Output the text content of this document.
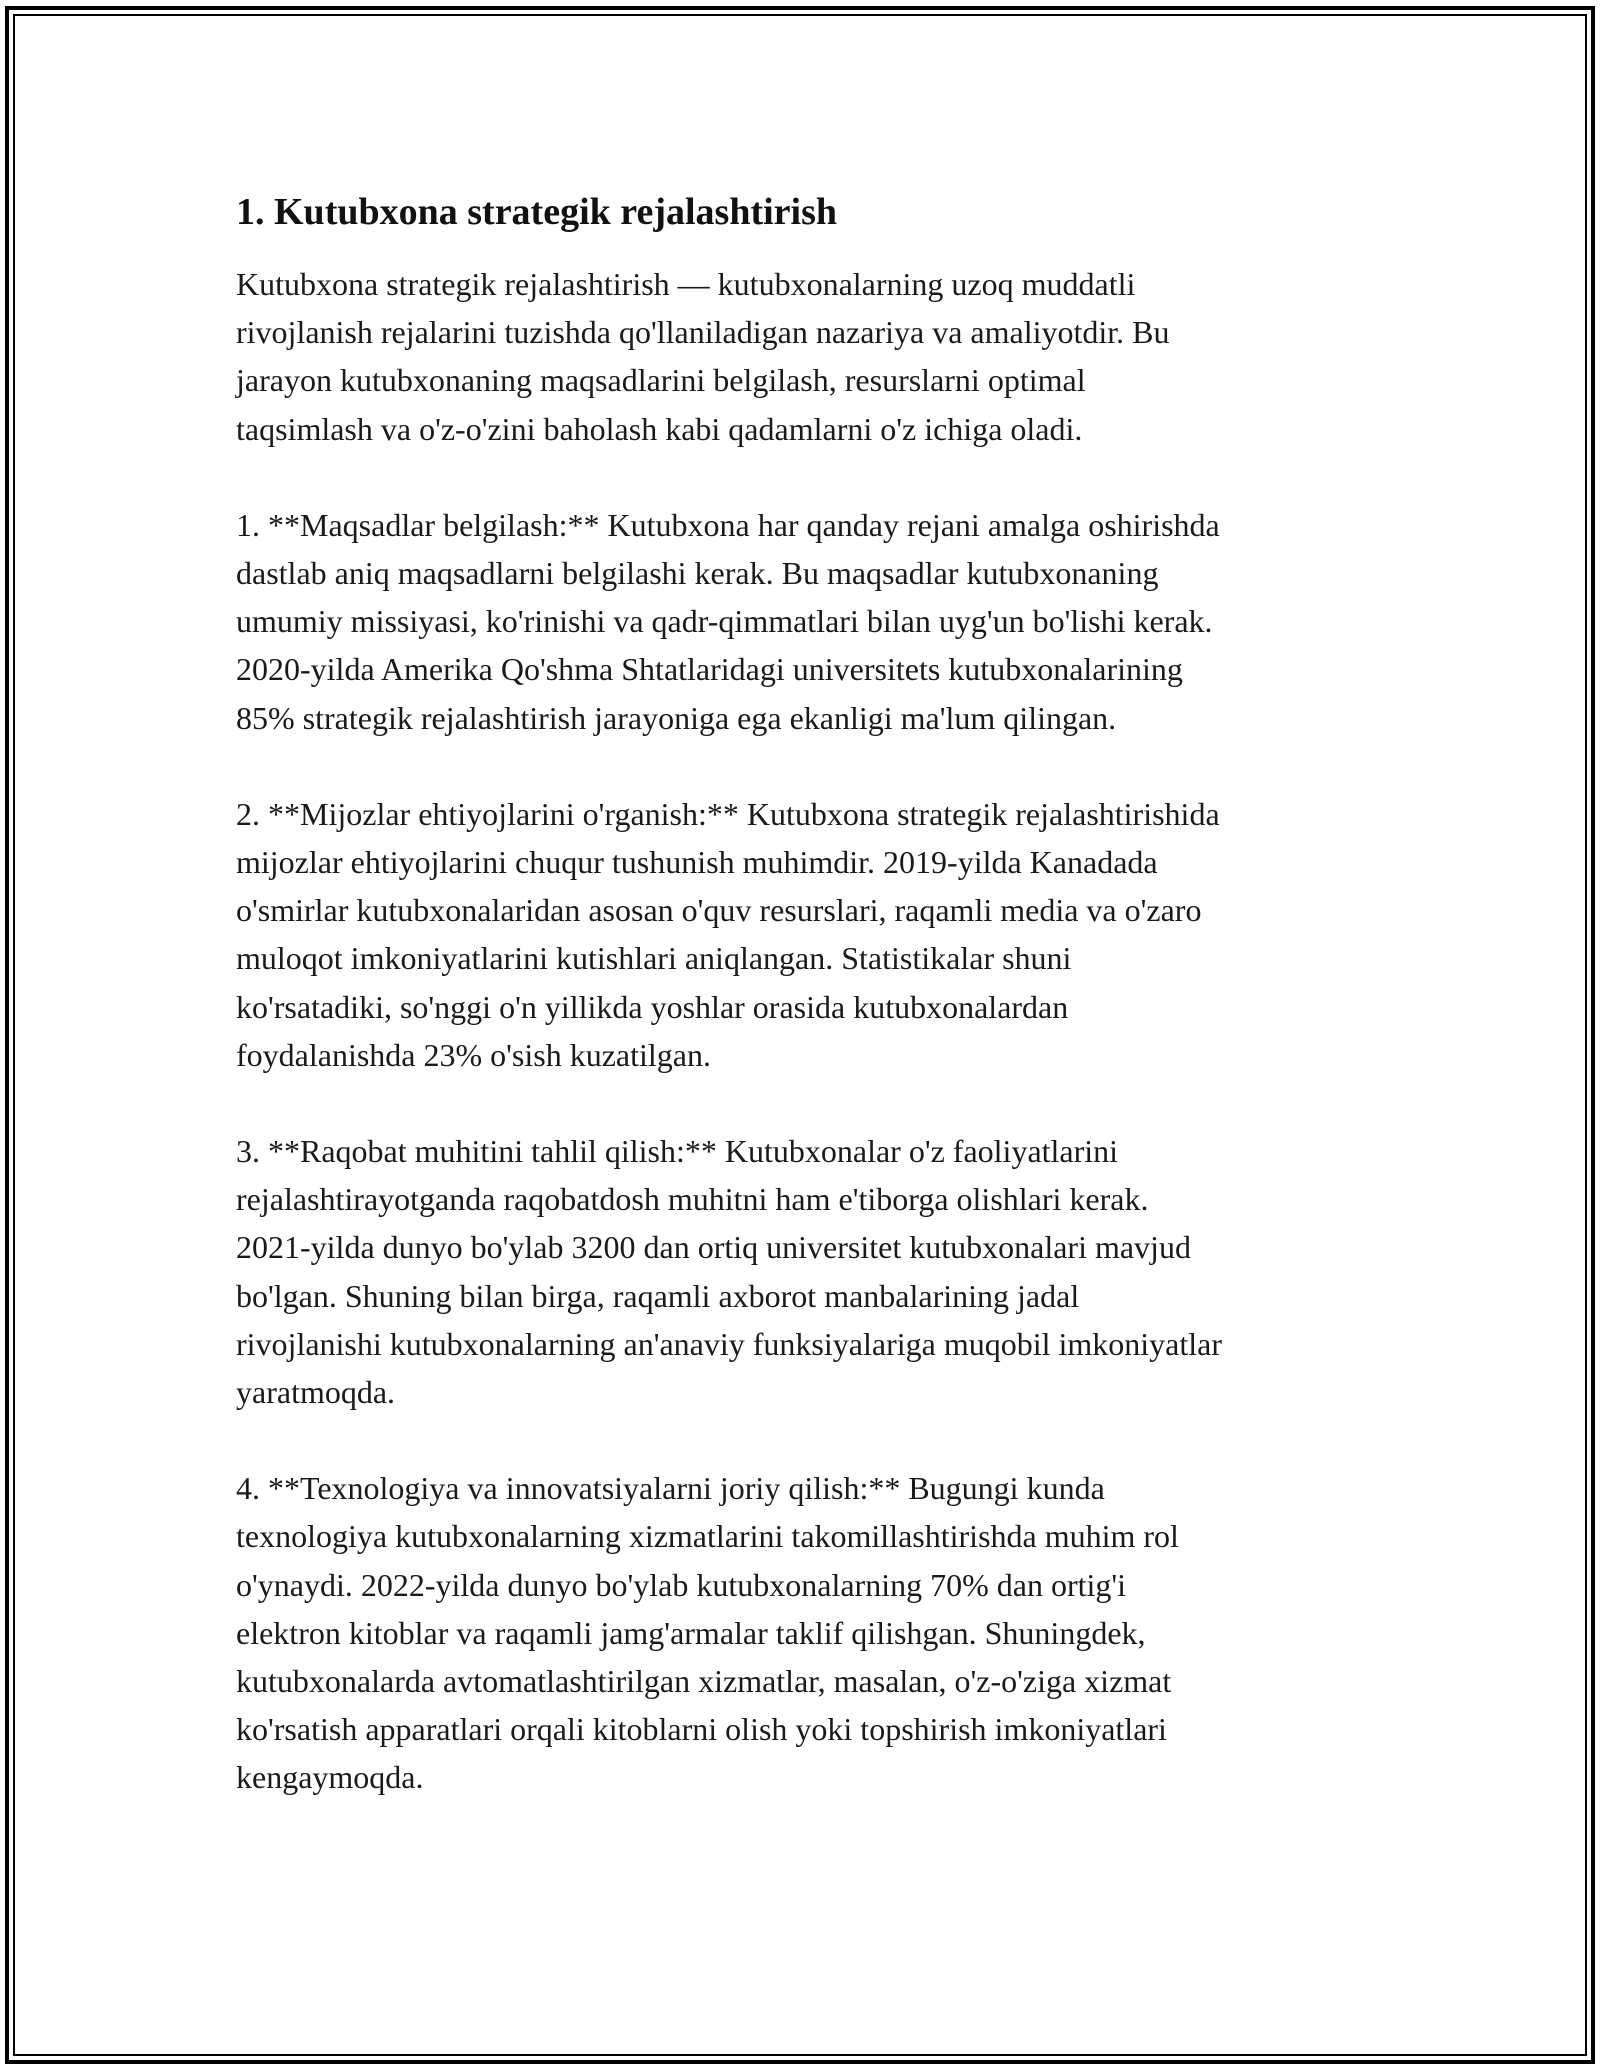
1. Kutubxona strategik rejalashtirish

Kutubxona strategik rejalashtirish — kutubxonalarning uzoq muddatli
rivojlanish rejalarini tuzishda qo'llaniladigan nazariya va amaliyotdir. Bu
jarayon kutubxonaning maqsadlarini belgilash, resurslarni optimal
taqsimlash va o'z-o'zini baholash kabi qadamlarni o'z ichiga oladi.

1. **Maqsadlar belgilash:** Kutubxona har qanday rejani amalga oshirishda
dastlab aniq maqsadlarni belgilashi kerak. Bu maqsadlar kutubxonaning
umumiy missiyasi, ko'rinishi va qadr-qimmatlari bilan uyg'un bo'lishi kerak.
2020-yilda Amerika Qo'shma Shtatlaridagi universitets kutubxonalarining
85% strategik rejalashtirish jarayoniga ega ekanligi ma'lum qilingan.

2. **Mijozlar ehtiyojlarini o'rganish:** Kutubxona strategik rejalashtirishida
mijozlar ehtiyojlarini chuqur tushunish muhimdir. 2019-yilda Kanadada
o'smirlar kutubxonalaridan asosan o'quv resurslari, raqamli media va o'zaro
muloqot imkoniyatlarini kutishlari aniqlangan. Statistikalar shuni
ko'rsatadiki, so'nggi o'n yillikda yoshlar orasida kutubxonalardan
foydalanishda 23% o'sish kuzatilgan.

3. **Raqobat muhitini tahlil qilish:** Kutubxonalar o'z faoliyatlarini
rejalashtirayotganda raqobatdosh muhitni ham e'tiborga olishlari kerak.
2021-yilda dunyo bo'ylab 3200 dan ortiq universitet kutubxonalari mavjud
bo'lgan. Shuning bilan birga, raqamli axborot manbalarining jadal
rivojlanishi kutubxonalarning an'anaviy funksiyalariga muqobil imkoniyatlar
yaratmoqda.

4. **Texnologiya va innovatsiyalarni joriy qilish:** Bugungi kunda
texnologiya kutubxonalarning xizmatlarini takomillashtirishda muhim rol
o'ynaydi. 2022-yilda dunyo bo'ylab kutubxonalarning 70% dan ortig'i
elektron kitoblar va raqamli jamg'armalar taklif qilishgan. Shuningdek,
kutubxonalarda avtomatlashtirilgan xizmatlar, masalan, o'z-o'ziga xizmat
ko'rsatish apparatlari orqali kitoblarni olish yoki topshirish imkoniyatlari
kengaymoqda.
